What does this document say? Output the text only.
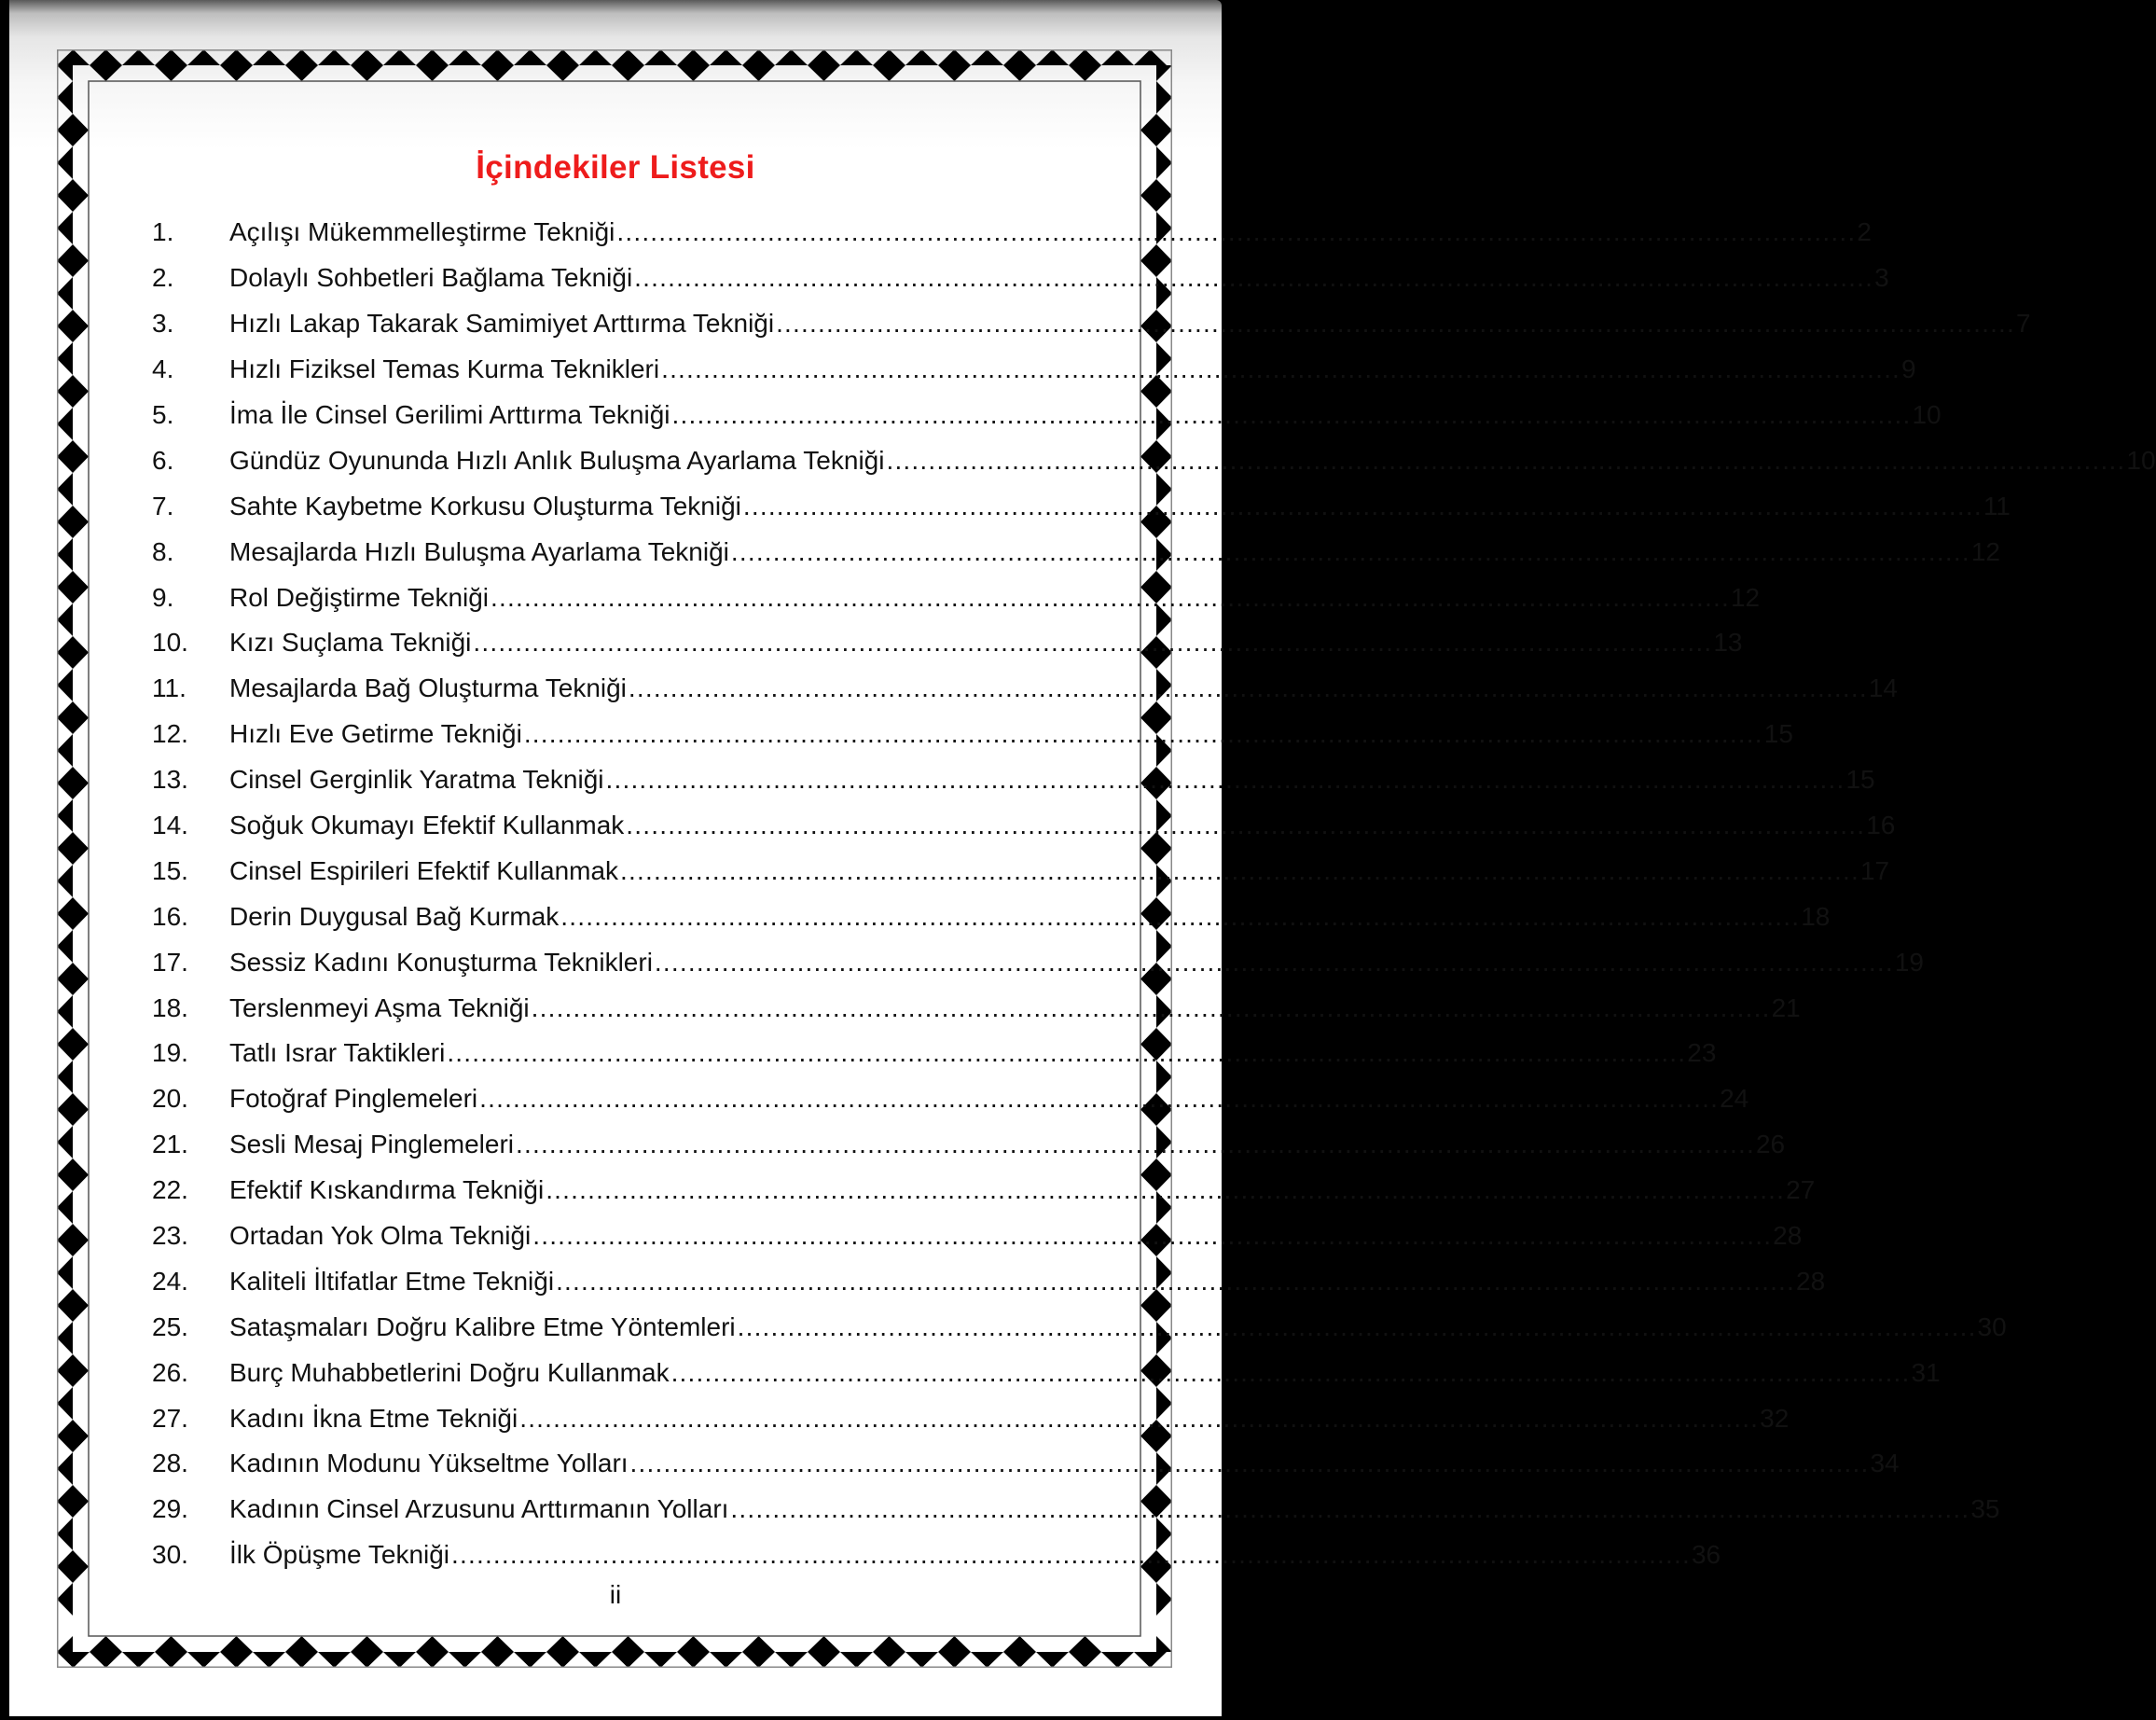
İçindekiler Listesi
1.	Açılışı Mükemmelleştirme Tekniği .................................................................................................................................................... 2
2.	Dolaylı Sohbetleri Bağlama Tekniği .................................................................................................................................................... 3
3.	Hızlı Lakap Takarak Samimiyet Arttırma Tekniği .................................................................................................................................................... 7
4.	Hızlı Fiziksel Temas Kurma Teknikleri .................................................................................................................................................... 9
5.	İma İle Cinsel Gerilimi Arttırma Tekniği .................................................................................................................................................... 10
6.	Gündüz Oyununda Hızlı Anlık Buluşma Ayarlama Tekniği .................................................................................................................................................... 10
7.	Sahte Kaybetme Korkusu Oluşturma Tekniği .................................................................................................................................................... 11
8.	Mesajlarda Hızlı Buluşma Ayarlama Tekniği .................................................................................................................................................... 12
9.	Rol Değiştirme Tekniği .................................................................................................................................................... 12
10.	Kızı Suçlama Tekniği .................................................................................................................................................... 13
11.	Mesajlarda Bağ Oluşturma Tekniği .................................................................................................................................................... 14
12.	Hızlı Eve Getirme Tekniği .................................................................................................................................................... 15
13.	Cinsel Gerginlik Yaratma Tekniği .................................................................................................................................................... 15
14.	Soğuk Okumayı Efektif Kullanmak .................................................................................................................................................... 16
15.	Cinsel Espirileri Efektif Kullanmak .................................................................................................................................................... 17
16.	Derin Duygusal Bağ Kurmak .................................................................................................................................................... 18
17.	Sessiz Kadını Konuşturma Teknikleri .................................................................................................................................................... 19
18.	Terslenmeyi Aşma Tekniği .................................................................................................................................................... 21
19.	Tatlı Israr Taktikleri .................................................................................................................................................... 23
20.	Fotoğraf Pinglemeleri .................................................................................................................................................... 24
21.	Sesli Mesaj Pinglemeleri .................................................................................................................................................... 26
22.	Efektif Kıskandırma Tekniği .................................................................................................................................................... 27
23.	Ortadan Yok Olma Tekniği .................................................................................................................................................... 28
24.	Kaliteli İltifatlar Etme Tekniği .................................................................................................................................................... 28
25.	Sataşmaları Doğru Kalibre Etme Yöntemleri .................................................................................................................................................... 30
26.	Burç Muhabbetlerini Doğru Kullanmak .................................................................................................................................................... 31
27.	Kadını İkna Etme Tekniği .................................................................................................................................................... 32
28.	Kadının Modunu Yükseltme Yolları .................................................................................................................................................... 34
29.	Kadının Cinsel Arzusunu Arttırmanın Yolları .................................................................................................................................................... 35
30.	İlk Öpüşme Tekniği .................................................................................................................................................... 36
ii
